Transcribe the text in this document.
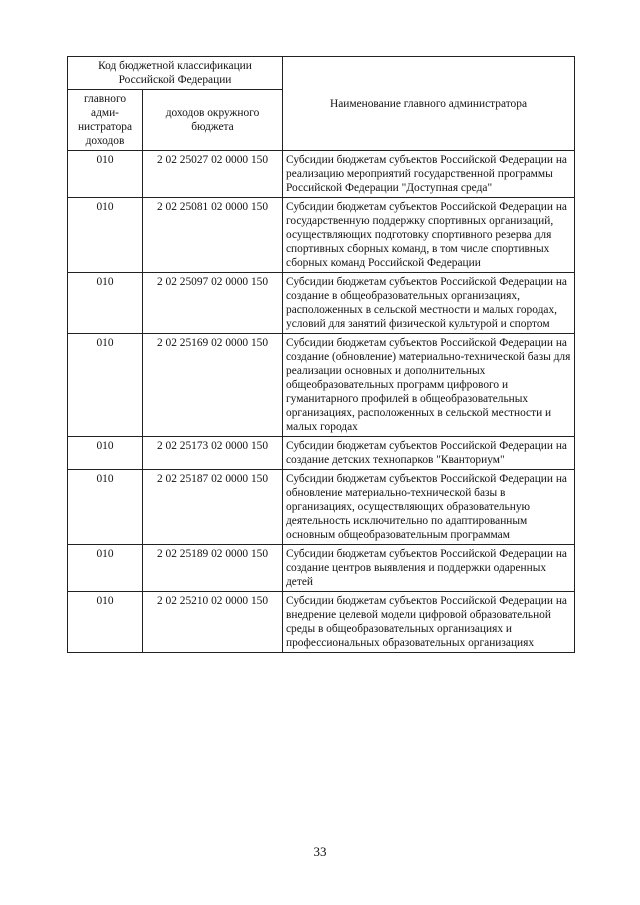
Код бюджетной классификации Российской Федерации		Наименование главного администратора
главного адми-нистратора доходов	доходов окружного бюджета	
010	2 02 25027 02 0000 150	Субсидии бюджетам субъектов Российской Федерации на реализацию мероприятий государственной программы Российской Федерации "Доступная среда"
010	2 02 25081 02 0000 150	Субсидии бюджетам субъектов Российской Федерации на государственную поддержку спортивных организаций, осуществляющих подготовку спортивного резерва для спортивных сборных команд, в том числе спортивных сборных команд Российской Федерации
010	2 02 25097 02 0000 150	Субсидии бюджетам субъектов Российской Федерации на создание в общеобразовательных организациях, расположенных в сельской местности и малых городах, условий для занятий физической культурой и спортом
010	2 02 25169 02 0000 150	Субсидии бюджетам субъектов Российской Федерации на создание (обновление) материально-технической базы для реализации основных и дополнительных общеобразовательных программ цифрового и гуманитарного профилей в общеобразовательных организациях, расположенных в сельской местности и малых городах
010	2 02 25173 02 0000 150	Субсидии бюджетам субъектов Российской Федерации на создание детских технопарков "Кванториум"
010	2 02 25187 02 0000 150	Субсидии бюджетам субъектов Российской Федерации на обновление материально-технической базы в организациях, осуществляющих образовательную деятельность исключительно по адаптированным основным общеобразовательным программам
010	2 02 25189 02 0000 150	Субсидии бюджетам субъектов Российской Федерации на создание центров выявления и поддержки одаренных детей
010	2 02 25210 02 0000 150	Субсидии бюджетам субъектов Российской Федерации на внедрение целевой модели цифровой образовательной среды в общеобразовательных организациях и профессиональных образовательных организациях
33
